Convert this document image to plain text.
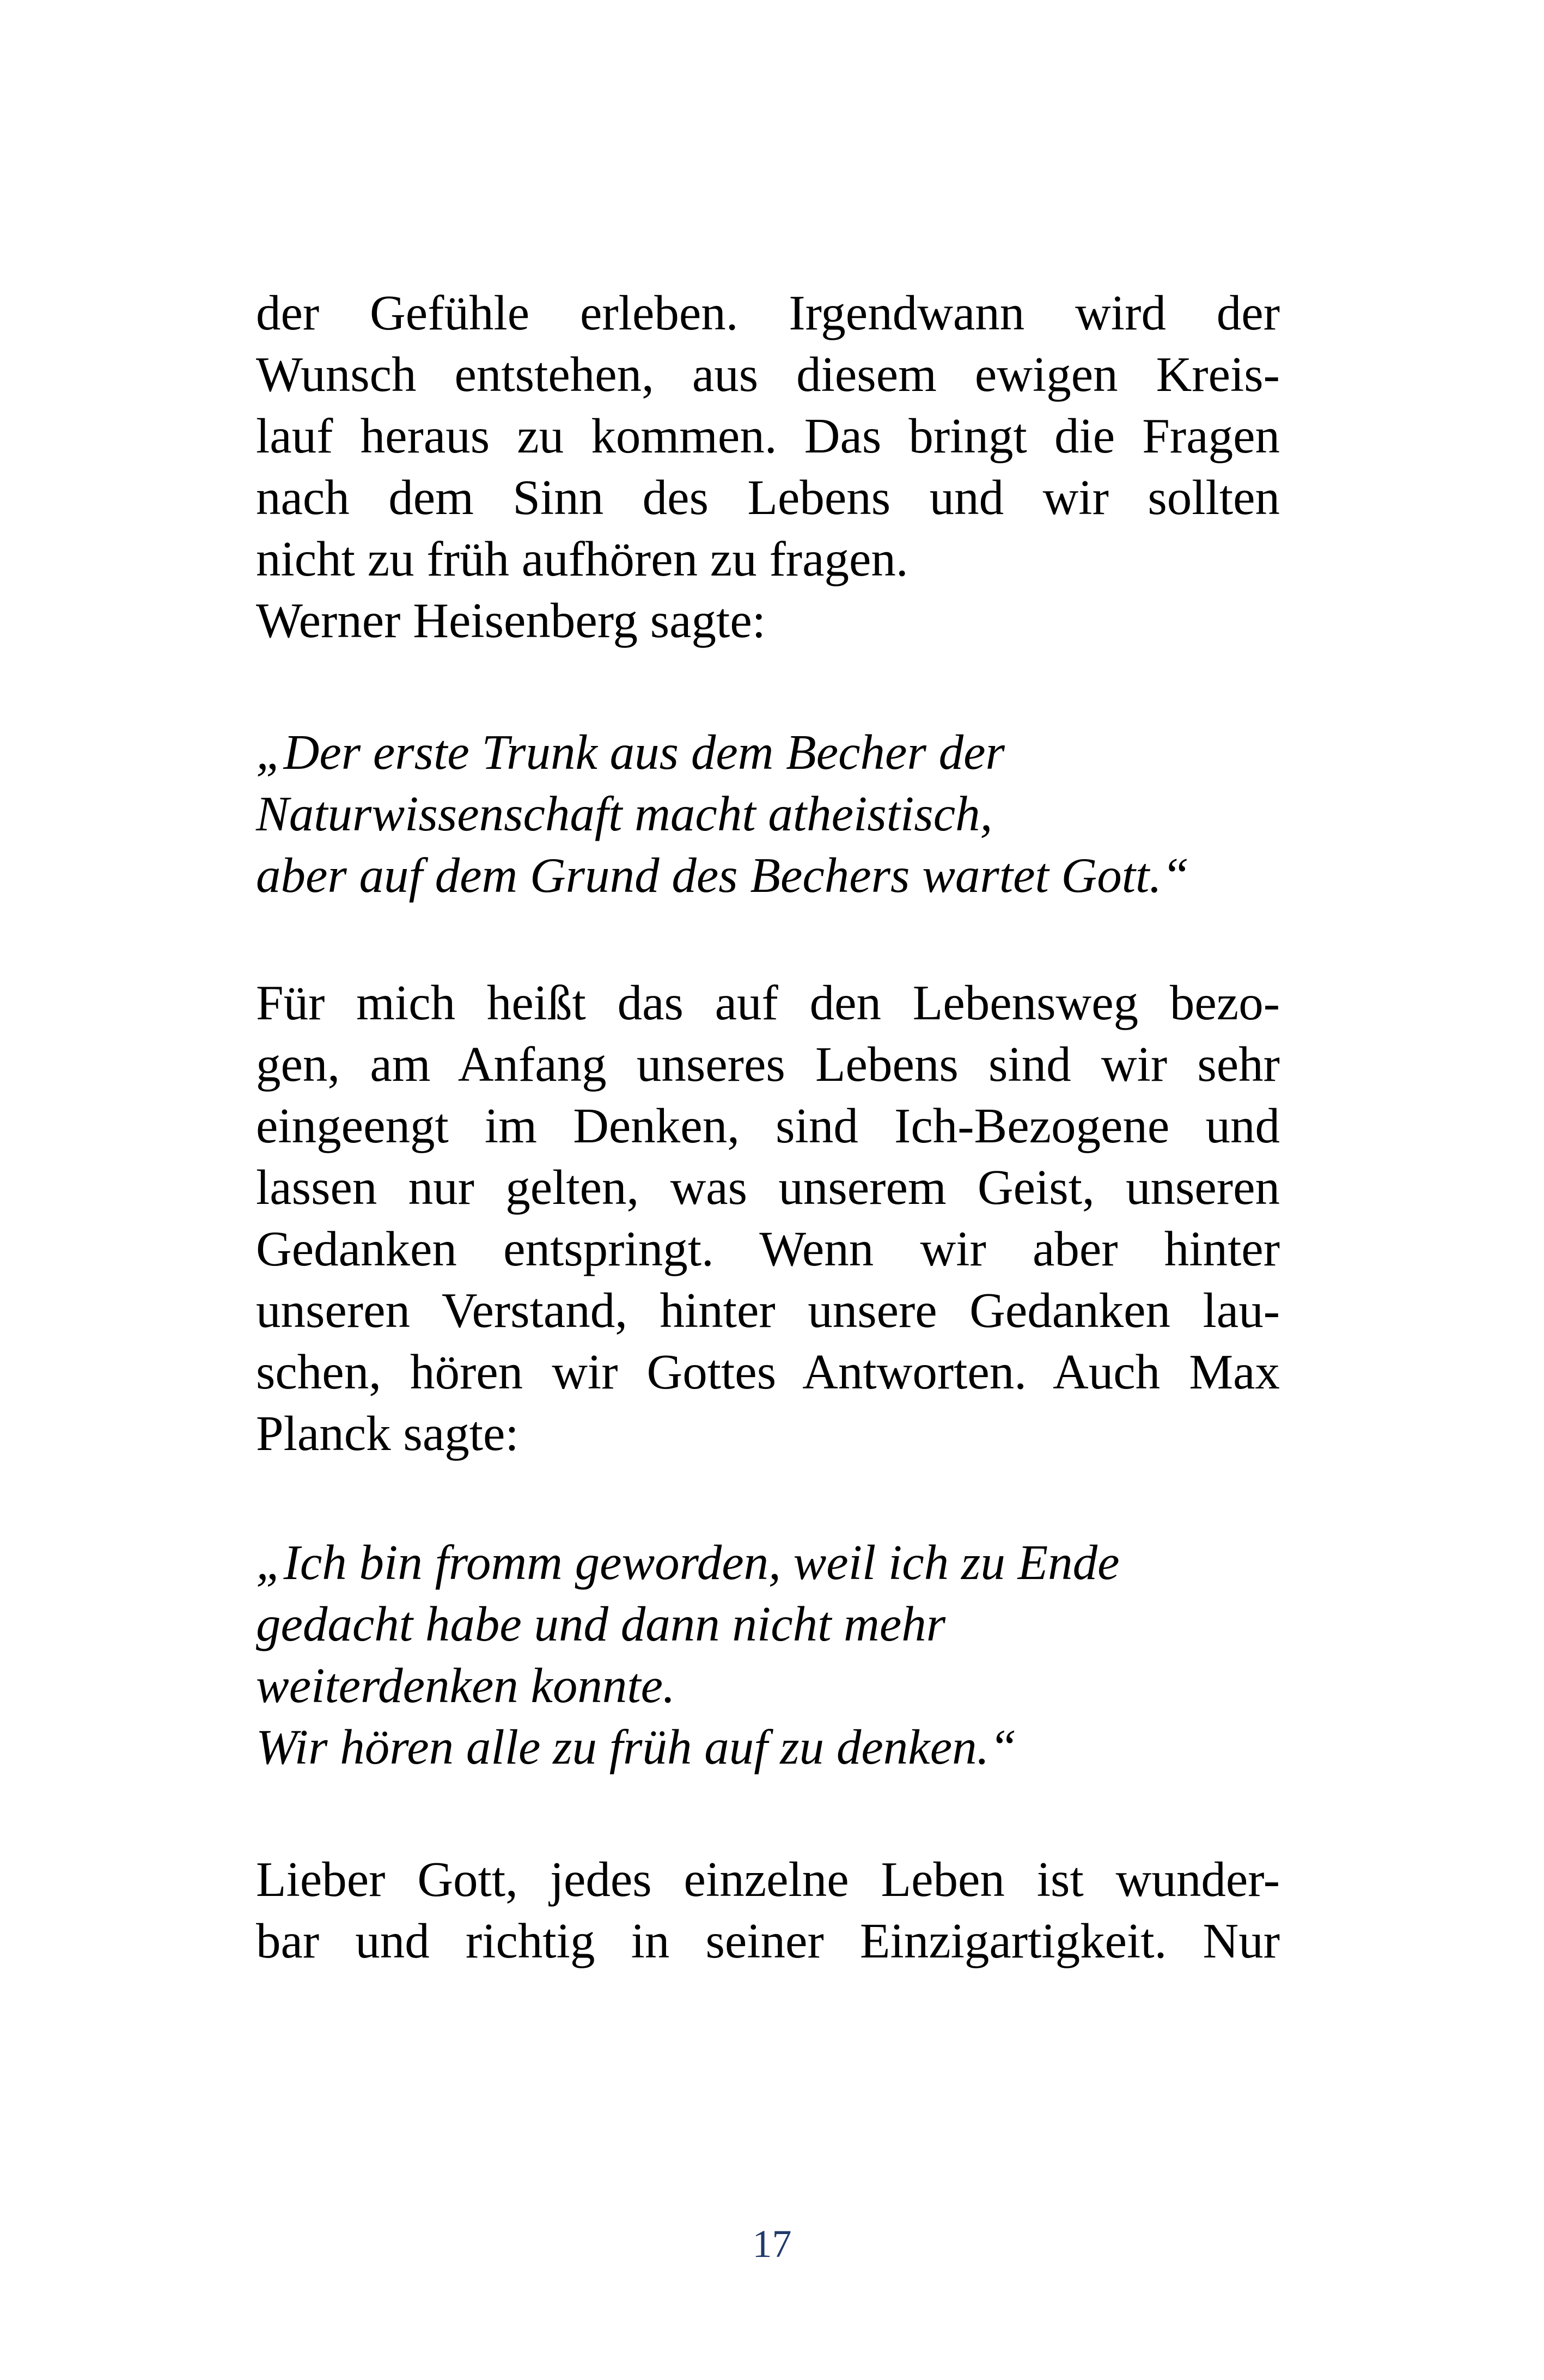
der Gefühle erleben. Irgendwann wird der
Wunsch entstehen, aus diesem ewigen Kreis-
lauf heraus zu kommen. Das bringt die Fragen
nach dem Sinn des Lebens und wir sollten
nicht zu früh aufhören zu fragen.
Werner Heisenberg sagte:

„Der erste Trunk aus dem Becher der
Naturwissenschaft macht atheistisch,
aber auf dem Grund des Bechers wartet Gott.“

Für mich heißt das auf den Lebensweg bezo-
gen, am Anfang unseres Lebens sind wir sehr
eingeengt im Denken, sind Ich-Bezogene und
lassen nur gelten, was unserem Geist, unseren
Gedanken entspringt. Wenn wir aber hinter
unseren Verstand, hinter unsere Gedanken lau-
schen, hören wir Gottes Antworten. Auch Max
Planck sagte:

„Ich bin fromm geworden, weil ich zu Ende
gedacht habe und dann nicht mehr
weiterdenken konnte.
Wir hören alle zu früh auf zu denken.“

Lieber Gott, jedes einzelne Leben ist wunder-
bar und richtig in seiner Einzigartigkeit. Nur

17
